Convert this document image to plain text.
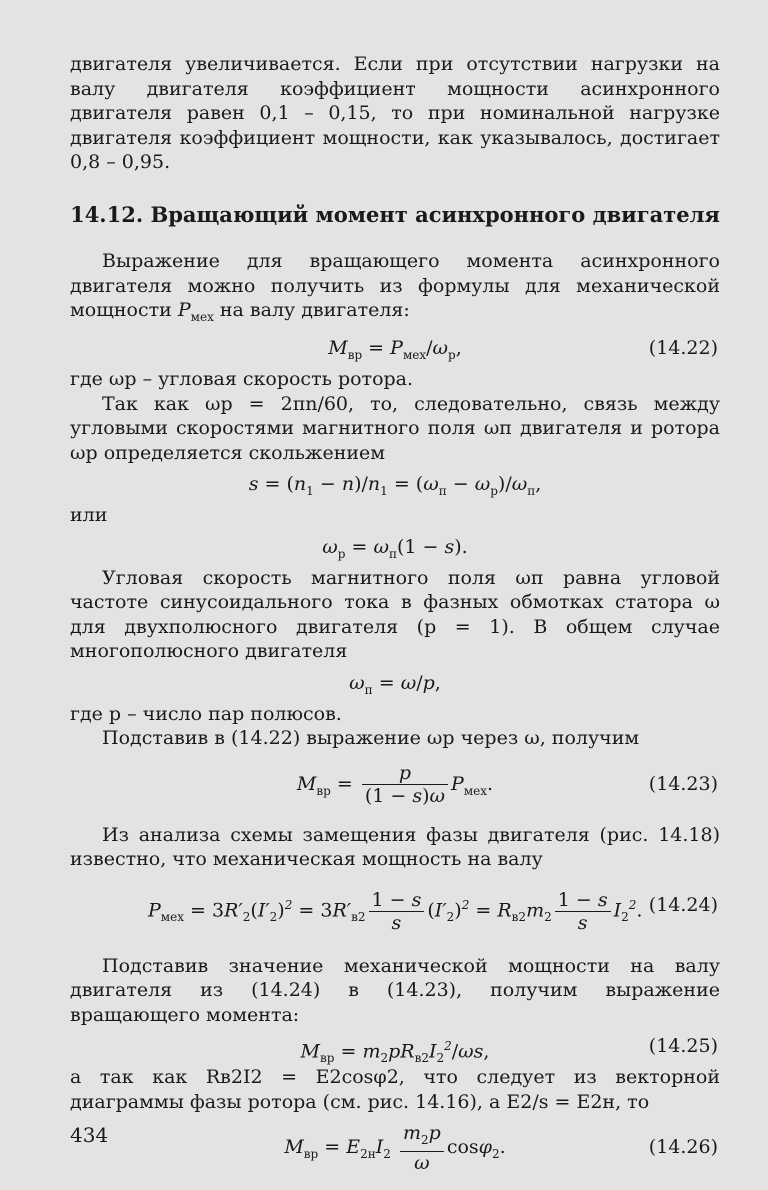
двигателя увеличивается. Если при отсутствии нагрузки на валу двигателя коэффициент мощности асинхронного двигателя равен 0,1 – 0,15, то при номинальной нагрузке двигателя коэффициент мощности, как указывалось, достигает 0,8 – 0,95.

14.12. Вращающий момент асинхронного двигателя

Выражение для вращающего момента асинхронного двигателя можно получить из формулы для механической мощности $P_{мех}$ на валу двигателя:

$M_{вр} = P_{мех}/\omega_р$,	(14.22)

где ωр – угловая скорость ротора.

Так как ωр = 2πn/60, то, следовательно, связь между угловыми скоростями магнитного поля ωп двигателя и ротора ωр определяется скольжением

$s = (n_1 - n)/n_1 = (\omega_п - \omega_р)/\omega_п$,

или

$\omega_р = \omega_п(1 - s)$.

Угловая скорость магнитного поля ωп равна угловой частоте синусоидального тока в фазных обмотках статора ω для двухполюсного двигателя (p = 1). В общем случае многополюсного двигателя

$\omega_п = \omega/p$,

где p – число пар полюсов.

Подставив в (14.22) выражение ωр через ω, получим

$M_{вр} = \frac{p}{(1 - s)\omega} P_{мех}$.	(14.23)

Из анализа схемы замещения фазы двигателя (рис. 14.18) известно, что механическая мощность на валу

$P_{мех} = 3R'_2(I'_2)^2 = 3R'_{в2} \frac{1 - s}{s} (I'_2)^2 = R_{в2}m_2 \frac{1 - s}{s} I_2^2$. (14.24)

Подставив значение механической мощности на валу двигателя из (14.24) в (14.23), получим выражение вращающего момента:

$M_{вр} = m_2pR_{в2}I_2^2/\omega s$,	(14.25)

а так как Rв2I2 = E2cosφ2, что следует из векторной диаграммы фазы ротора (см. рис. 14.16), а E2/s = E2н, то

$M_{вр} = E_{2н}I_2 \frac{m_2p}{\omega} \cos\varphi_2$.	(14.26)
434
